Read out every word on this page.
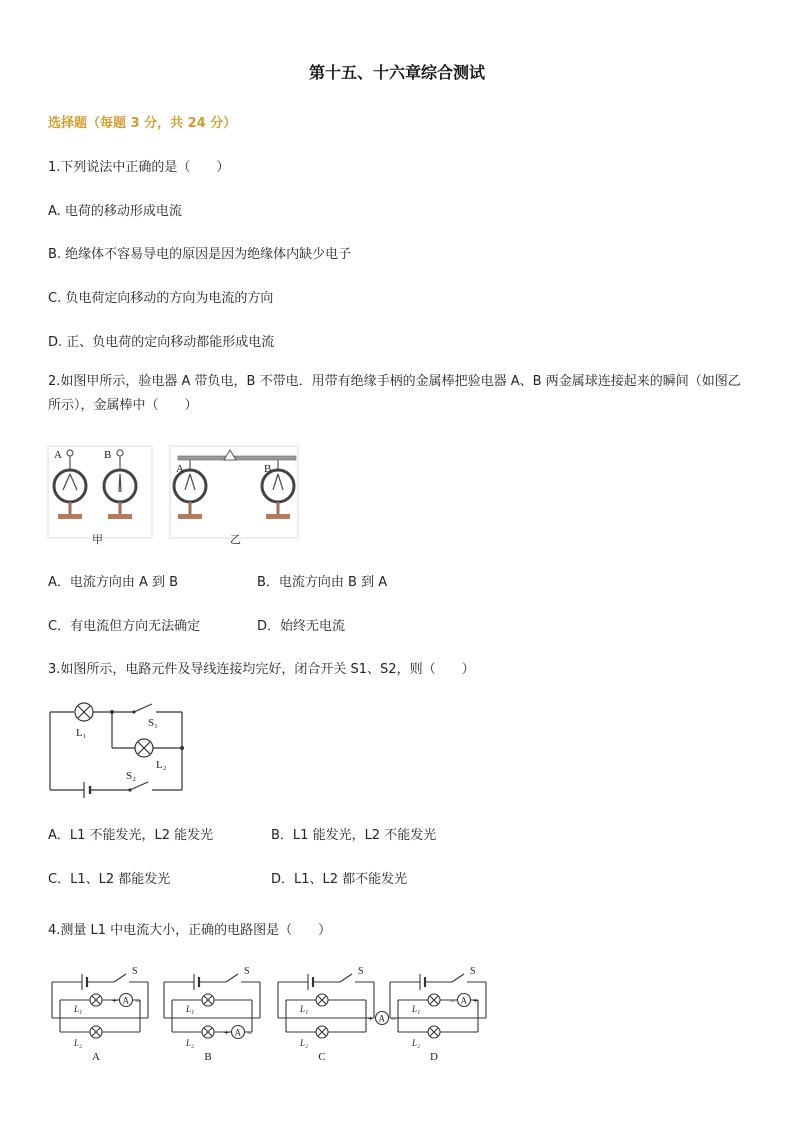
第十五、十六章综合测试
选择题（每题 3 分，共 24 分）
1.下列说法中正确的是（　　）
A. 电荷的移动形成电流
B. 绝缘体不容易导电的原因是因为绝缘体内缺少电子
C. 负电荷定向移动的方向为电流的方向
D. 正、负电荷的定向移动都能形成电流
2.如图甲所示，验电器 A 带负电，B 不带电．用带有绝缘手柄的金属棒把验电器 A、B 两金属球连接起来的瞬间（如图乙所示），金属棒中（　　）
A	B
甲
A	B
乙
A．电流方向由 A 到 B	B．电流方向由 B 到 A
C．有电流但方向无法确定	D．始终无电流
3.如图所示，电路元件及导线连接均完好，闭合开关 S1、S2，则（　　）
L₁
S₁
L₂
S₂
A．L1 不能发光，L2 能发光	B．L1 能发光，L2 不能发光
C．L1、L2 都能发光	D．L1、L2 都不能发光
4.测量 L1 中电流大小，正确的电路图是（　　）
S
L₁
L₂
A
+ −
A
S
L₁
L₂
A
+ −
B
S
L₁
L₂
A
+ −
C
S
L₁
L₂
A +
−
D
